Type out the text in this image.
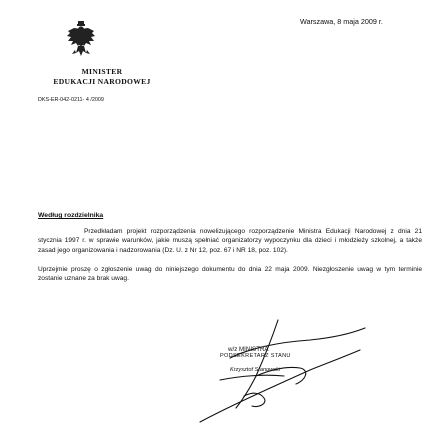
Warszawa, 8 maja 2009 r.
MINISTER
EDUKACJI NARODOWEJ
DKS-ER-042-0211- 4 /2009
Według rozdzielnika
Przedkładam projekt rozporządzenia nowelizującego rozporządzenie Ministra Edukacji Narodowej z dnia 21 stycznia 1997 r. w sprawie warunków, jakie muszą spełniać organizatorzy wypoczynku dla dzieci i młodzieży szkolnej, a także zasad jego organizowania i nadzorowania (Dz. U. z Nr 12, poz. 67 i NR 18, poz. 102).
Uprzejmie proszę o zgłoszenie uwag do niniejszego dokumentu do dnia 22 maja 2009. Niezgłoszenie uwag w tym terminie zostanie uznane za brak uwag.
w/z MINISTRA
PODSEKRETARZ STANU
Krzysztof Stanowski
